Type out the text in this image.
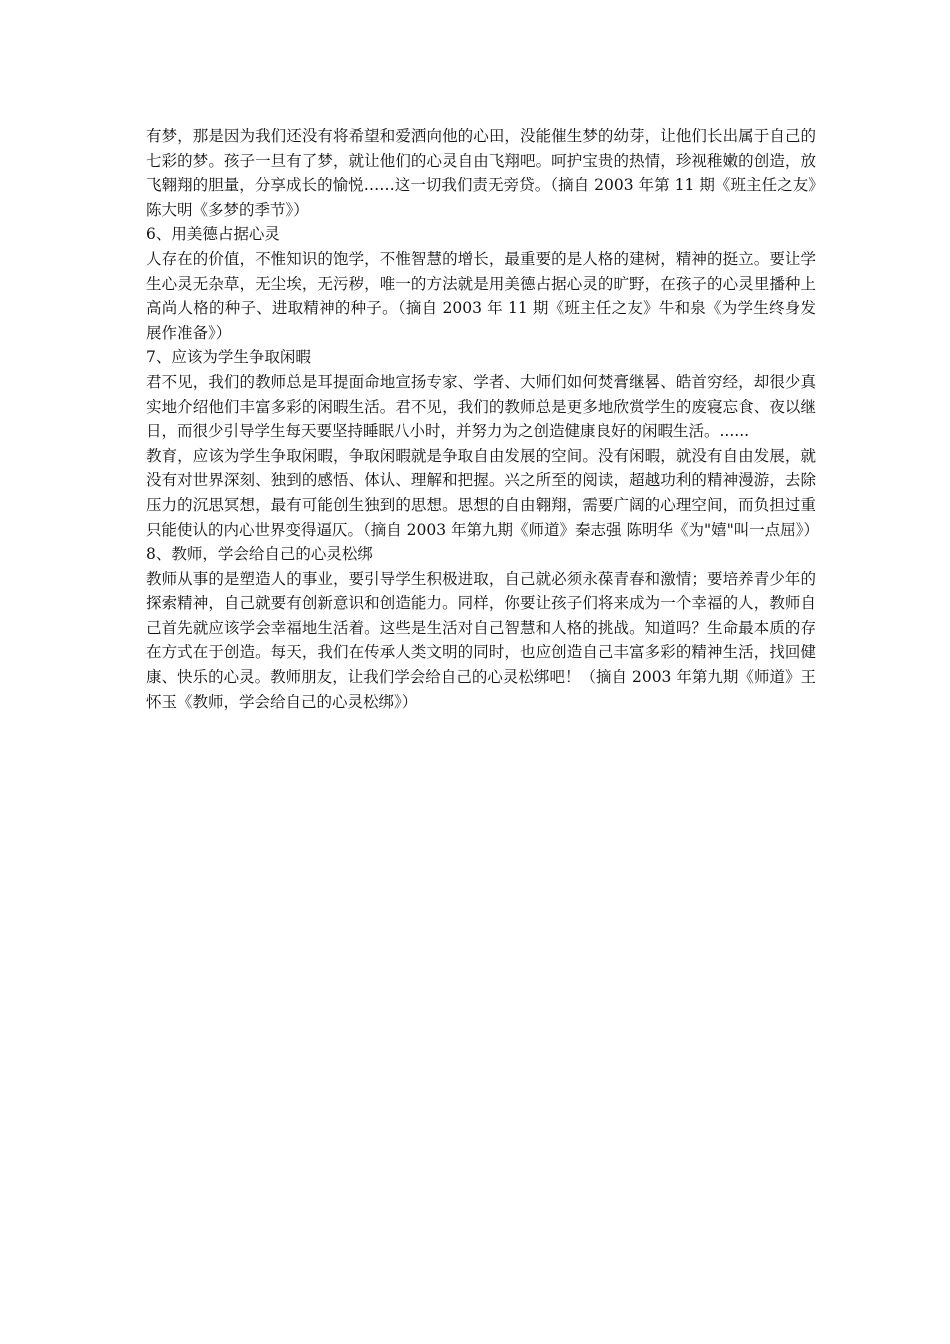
有梦，那是因为我们还没有将希望和爱洒向他的心田，没能催生梦的幼芽，让他们长出属于自己的七彩的梦。孩子一旦有了梦，就让他们的心灵自由飞翔吧。呵护宝贵的热情，珍视稚嫩的创造，放飞翱翔的胆量，分享成长的愉悦……这一切我们责无旁贷。（摘自 2003 年第 11 期《班主任之友》陈大明《多梦的季节》）

6、用美德占据心灵

人存在的价值，不惟知识的饱学，不惟智慧的增长，最重要的是人格的建树，精神的挺立。要让学生心灵无杂草，无尘埃，无污秽，唯一的方法就是用美德占据心灵的旷野，在孩子的心灵里播种上高尚人格的种子、进取精神的种子。（摘自 2003 年 11 期《班主任之友》牛和泉《为学生终身发展作准备》）

7、应该为学生争取闲暇

君不见，我们的教师总是耳提面命地宣扬专家、学者、大师们如何焚膏继晷、皓首穷经，却很少真实地介绍他们丰富多彩的闲暇生活。君不见，我们的教师总是更多地欣赏学生的废寝忘食、夜以继日，而很少引导学生每天要坚持睡眠八小时，并努力为之创造健康良好的闲暇生活。......

教育，应该为学生争取闲暇，争取闲暇就是争取自由发展的空间。没有闲暇，就没有自由发展，就没有对世界深刻、独到的感悟、体认、理解和把握。兴之所至的阅读，超越功利的精神漫游，去除压力的沉思冥想，最有可能创生独到的思想。思想的自由翱翔，需要广阔的心理空间，而负担过重只能使认的内心世界变得逼仄。（摘自 2003 年第九期《师道》秦志强 陈明华《为"嬉"叫一点屈》）

8、教师，学会给自己的心灵松绑

教师从事的是塑造人的事业，要引导学生积极进取，自己就必须永葆青春和激情；要培养青少年的探索精神，自己就要有创新意识和创造能力。同样，你要让孩子们将来成为一个幸福的人，教师自己首先就应该学会幸福地生活着。这些是生活对自己智慧和人格的挑战。知道吗？生命最本质的存在方式在于创造。每天，我们在传承人类文明的同时，也应创造自己丰富多彩的精神生活，找回健康、快乐的心灵。教师朋友，让我们学会给自己的心灵松绑吧！（摘自 2003 年第九期《师道》王怀玉《教师，学会给自己的心灵松绑》）
